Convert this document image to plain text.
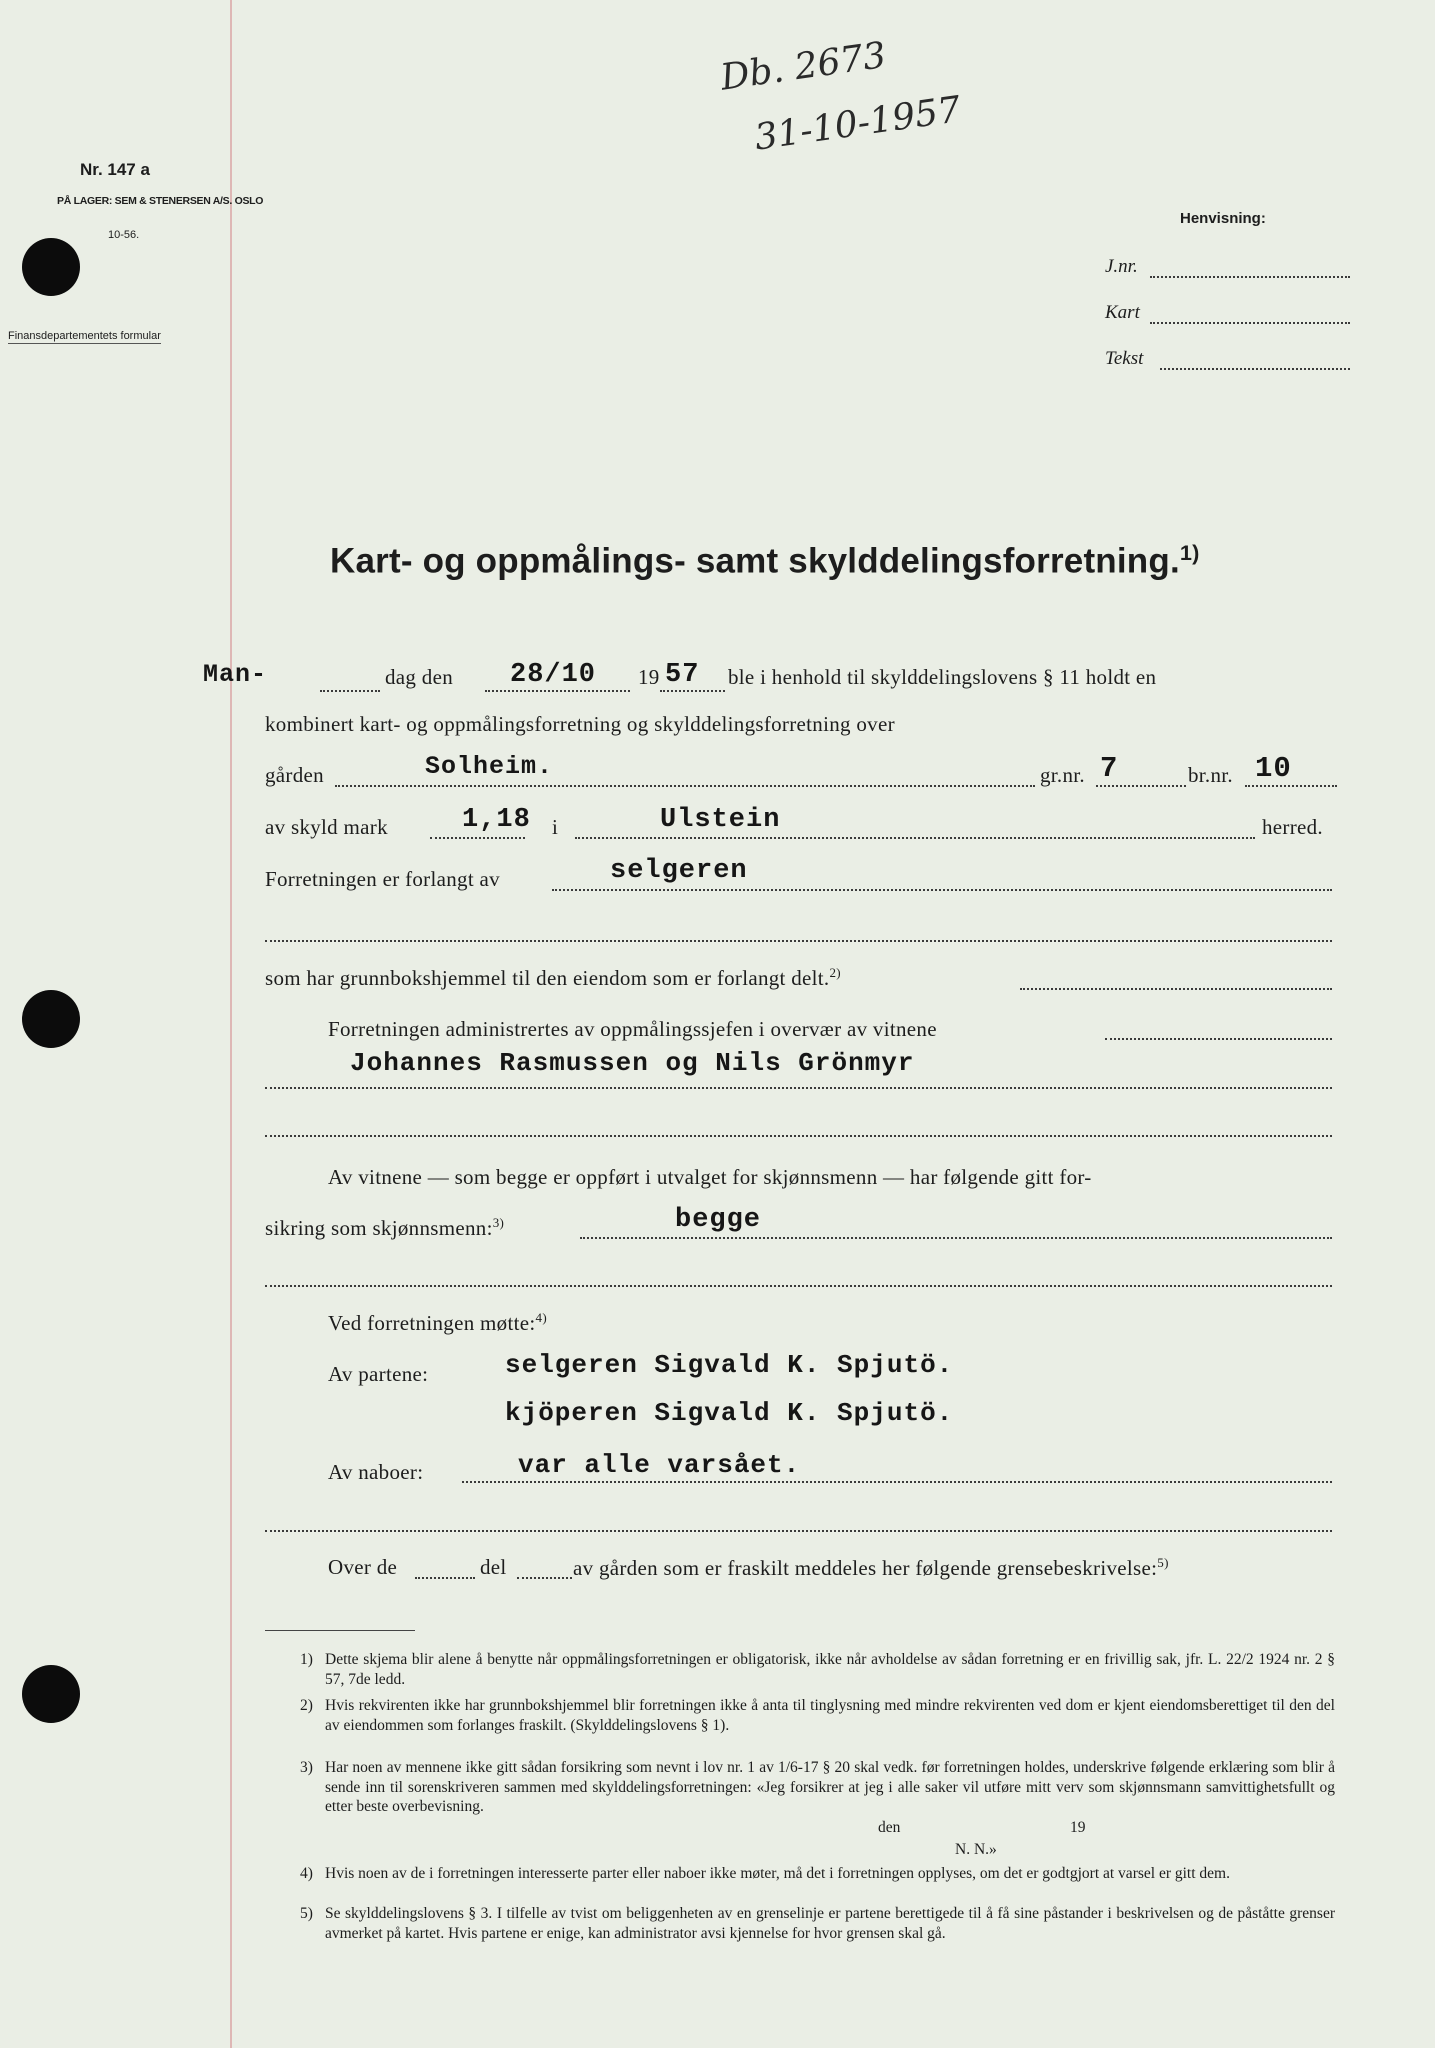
Db. 2673
31-10-1957
Nr. 147 a
PÅ LAGER: SEM & STENERSEN A/S. OSLO
10-56.
Finansdepartementets formular
Henvisning:
J.nr.
Kart
Tekst
Kart- og oppmålings- samt skylddelingsforretning.$^{1)}$
Man-	dag den 28/10 19 57 ble i henhold til skylddelingslovens § 11 holdt en
kombinert kart- og oppmålingsforretning og skylddelingsforretning over
gården	Solheim.	gr.nr. 7	br.nr. 10
av skyld mark	1,18 i	Ulstein	herred.
Forretningen er forlangt av	selgeren
som har grunnbokshjemmel til den eiendom som er forlangt delt.$^{2)}$
Forretningen administrertes av oppmålingssjefen i overvær av vitnene
Johannes Rasmussen og Nils Grönmyr
Av vitnene — som begge er oppført i utvalget for skjønnsmenn — har følgende gitt for-
sikring som skjønnsmenn:$^{3)}$	begge
Ved forretningen møtte:$^{4)}$
Av partene:	selgeren Sigvald K. Spjutö.
kjöperen Sigvald K. Spjutö.
Av naboer:	var alle varsået.
Over de	del	av gården som er fraskilt meddeles her følgende grensebeskrivelse:$^{5)}$
1) Dette skjema blir alene å benytte når oppmålingsforretningen er obligatorisk, ikke når avholdelse av sådan forretning er en frivillig sak, jfr. L. 22/2 1924 nr. 2 § 57, 7de ledd.
2) Hvis rekvirenten ikke har grunnbokshjemmel blir forretningen ikke å anta til tinglysning med mindre rekvirenten ved dom er kjent eiendomsberettiget til den del av eiendommen som forlanges fraskilt. (Skylddelingslovens § 1).
3) Har noen av mennene ikke gitt sådan forsikring som nevnt i lov nr. 1 av 1/6-17 § 20 skal vedk. før forretningen holdes, underskrive følgende erklæring som blir å sende inn til sorenskriveren sammen med skylddelingsforretningen: «Jeg forsikrer at jeg i alle saker vil utføre mitt verv som skjønnsmann samvittighetsfullt og etter beste overbevisning.
den	19
N. N.»
4) Hvis noen av de i forretningen interesserte parter eller naboer ikke møter, må det i forretningen opplyses, om det er godtgjort at varsel er gitt dem.
5) Se skylddelingslovens § 3. I tilfelle av tvist om beliggenheten av en grenselinje er partene berettigede til å få sine påstander i beskrivelsen og de påståtte grenser avmerket på kartet. Hvis partene er enige, kan administrator avsi kjennelse for hvor grensen skal gå.
